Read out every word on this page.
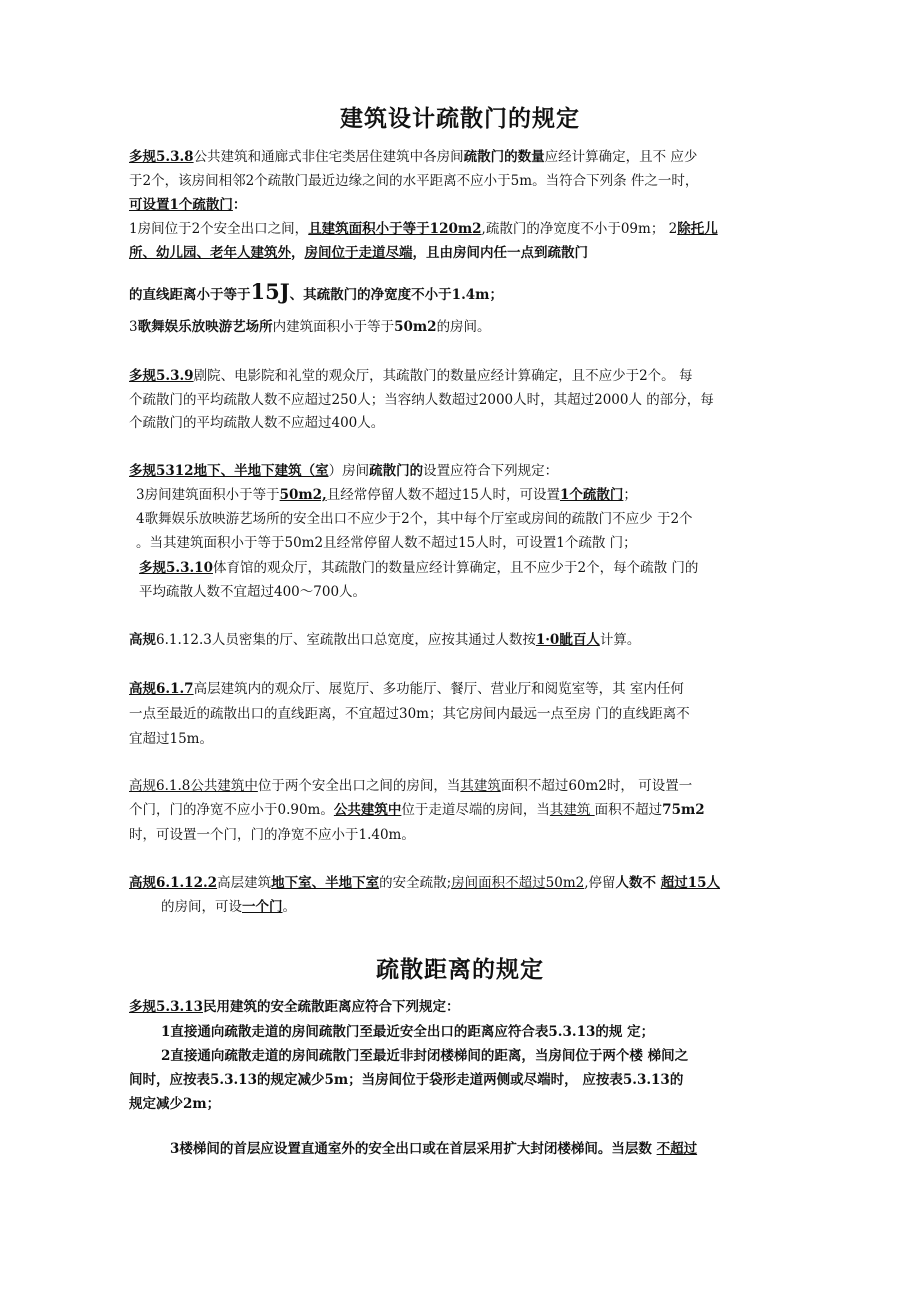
建筑设计疏散门的规定
多规5.3.8公共建筑和通廊式非住宅类居住建筑中各房间疏散门的数量应经计算确定，且不 应少
于2个，该房间相邻2个疏散门最近边缘之间的水平距离不应小于5m。当符合下列条 件之一时，
可设置1个疏散门：
1房间位于2个安全出口之间，且建筑面积小于等于120m2,疏散门的净宽度不小于09m； 2除托儿
所、幼儿园、老年人建筑外，房间位于走道尽端，且由房间内任一点到疏散门
的直线距离小于等于15J、其疏散门的净宽度不小于1.4m；
3歌舞娱乐放映游艺场所内建筑面积小于等于50m2的房间。
多规5.3.9剧院、电影院和礼堂的观众厅，其疏散门的数量应经计算确定，且不应少于2个。 每
个疏散门的平均疏散人数不应超过250人；当容纳人数超过2000人时，其超过2000人 的部分，每
个疏散门的平均疏散人数不应超过400人。
多规5312地下、半地下建筑（室）房间疏散门的设置应符合下列规定：
3房间建筑面积小于等于50m2,且经常停留人数不超过15人时，可设置1个疏散门；
4歌舞娱乐放映游艺场所的安全出口不应少于2个，其中每个厅室或房间的疏散门不应少 于2个
。当其建筑面积小于等于50m2且经常停留人数不超过15人时，可设置1个疏散 门；
多规5.3.10体育馆的观众厅，其疏散门的数量应经计算确定，且不应少于2个，每个疏散 门的
平均疏散人数不宜超过400～700人。
高规6.1.12.3人员密集的厅、室疏散出口总宽度，应按其通过人数按1·0眦百人计算。
高规6.1.7高层建筑内的观众厅、展览厅、多功能厅、餐厅、营业厅和阅览室等，其 室内任何
一点至最近的疏散出口的直线距离，不宜超过30m；其它房间内最远一点至房 门的直线距离不
宜超过15m。
高规6.1.8公共建筑中位于两个安全出口之间的房间，当其建筑面积不超过60m2时， 可设置一
个门，门的净宽不应小于0.90m。公共建筑中位于走道尽端的房间，当其建筑 面积不超过75m2
时，可设置一个门，门的净宽不应小于1.40m。
高规6.1.12.2高层建筑地下室、半地下室的安全疏散;房间面积不超过50m2,停留人数不 超过15人
的房间，可设一个门。
疏散距离的规定
多规5.3.13民用建筑的安全疏散距离应符合下列规定：
1直接通向疏散走道的房间疏散门至最近安全出口的距离应符合表5.3.13的规 定；
2直接通向疏散走道的房间疏散门至最近非封闭楼梯间的距离，当房间位于两个楼 梯间之
间时，应按表5.3.13的规定减少5m；当房间位于袋形走道两侧或尽端时， 应按表5.3.13的
规定减少2m；
3楼梯间的首层应设置直通室外的安全出口或在首层采用扩大封闭楼梯间。当层数 不超过
